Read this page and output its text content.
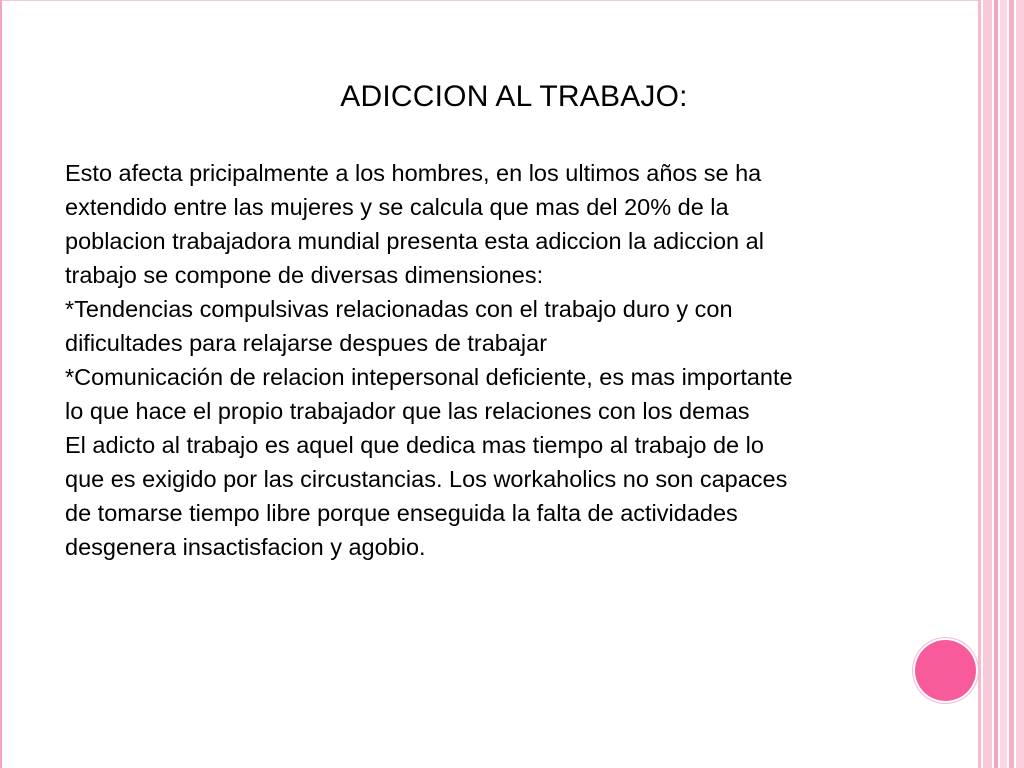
ADICCION AL TRABAJO:

Esto afecta pricipalmente a los hombres, en los ultimos años se ha

extendido entre las mujeres y se calcula que mas del 20% de la

poblacion trabajadora mundial presenta esta adiccion la adiccion al

trabajo se compone de diversas dimensiones:

*Tendencias compulsivas relacionadas con el trabajo duro y con

dificultades para relajarse despues de trabajar

*Comunicación de relacion intepersonal deficiente, es mas importante

lo que hace el propio trabajador que las relaciones con los demas

El adicto al trabajo es aquel que dedica mas tiempo al trabajo de lo

que es exigido por las circustancias. Los workaholics no son capaces

de tomarse tiempo libre porque enseguida la falta de actividades

desgenera insactisfacion y agobio.
